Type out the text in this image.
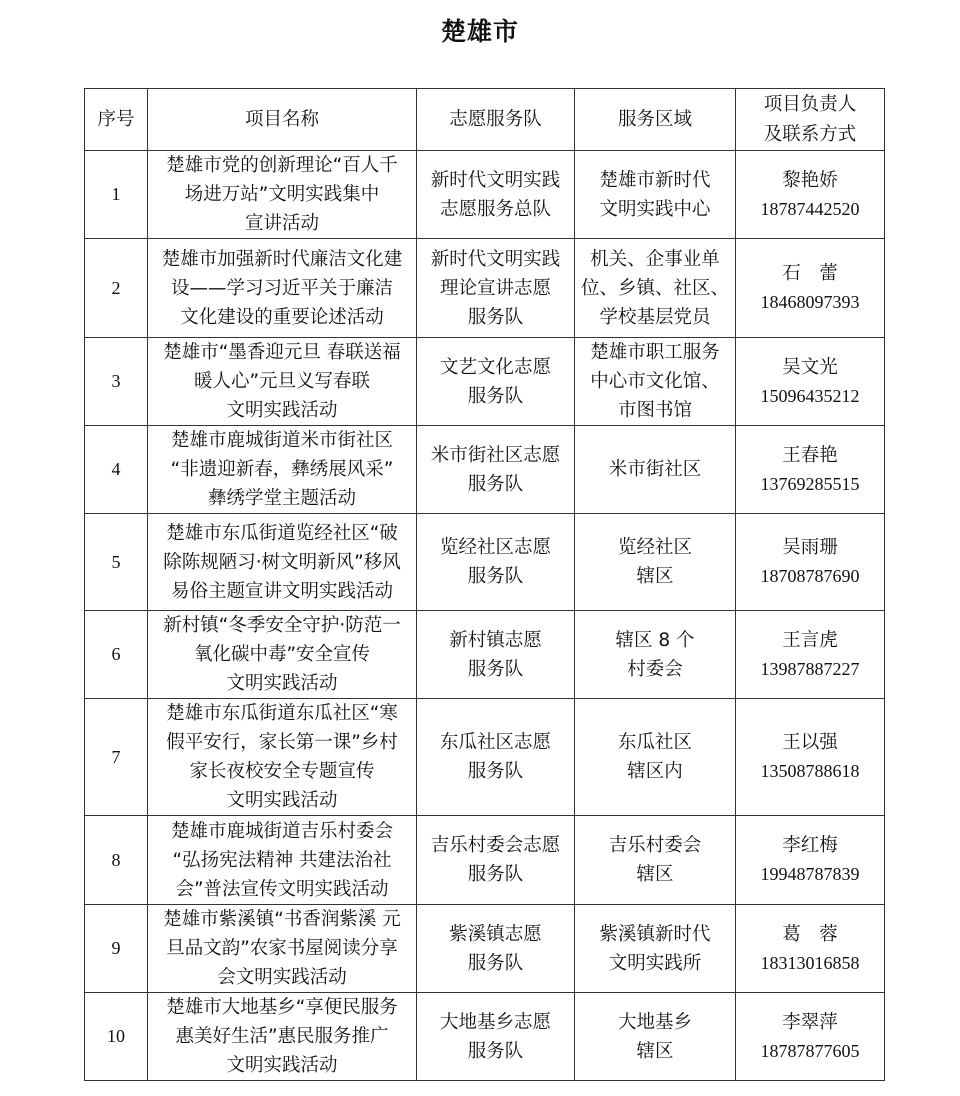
楚雄市
序号	项目名称	志愿服务队	服务区域	项目负责人
及联系方式
1	楚雄市党的创新理论“百人千
场进万站”文明实践集中
宣讲活动	新时代文明实践
志愿服务总队	楚雄市新时代
文明实践中心	黎艳娇
18787442520

2	楚雄市加强新时代廉洁文化建
设——学习习近平关于廉洁
文化建设的重要论述活动	新时代文明实践
理论宣讲志愿
服务队	机关、企事业单
位、乡镇、社区、
学校基层党员	石　蕾
18468097393

3	楚雄市“墨香迎元旦 春联送福
暖人心”元旦义写春联
文明实践活动	文艺文化志愿
服务队	楚雄市职工服务
中心市文化馆、
市图书馆	吴文光
15096435212

4	楚雄市鹿城街道米市街社区
“非遗迎新春，彝绣展风采”
彝绣学堂主题活动	米市街社区志愿
服务队	米市街社区	王春艳
13769285515

5	楚雄市东瓜街道览经社区“破
除陈规陋习·树文明新风”移风
易俗主题宣讲文明实践活动	览经社区志愿
服务队	览经社区
辖区	吴雨珊
18708787690

6	新村镇“冬季安全守护·防范一
氧化碳中毒”安全宣传
文明实践活动	新村镇志愿
服务队	辖区 8 个
村委会	王言虎
13987887227

7	楚雄市东瓜街道东瓜社区“寒
假平安行，家长第一课”乡村
家长夜校安全专题宣传
文明实践活动	东瓜社区志愿
服务队	东瓜社区
辖区内	王以强
13508788618

8	楚雄市鹿城街道吉乐村委会
“弘扬宪法精神 共建法治社
会”普法宣传文明实践活动	吉乐村委会志愿
服务队	吉乐村委会
辖区	李红梅
19948787839

9	楚雄市紫溪镇“书香润紫溪 元
旦品文韵”农家书屋阅读分享
会文明实践活动	紫溪镇志愿
服务队	紫溪镇新时代
文明实践所	葛　蓉
18313016858

10	楚雄市大地基乡“享便民服务
惠美好生活”惠民服务推广
文明实践活动	大地基乡志愿
服务队	大地基乡
辖区	李翠萍
18787877605
